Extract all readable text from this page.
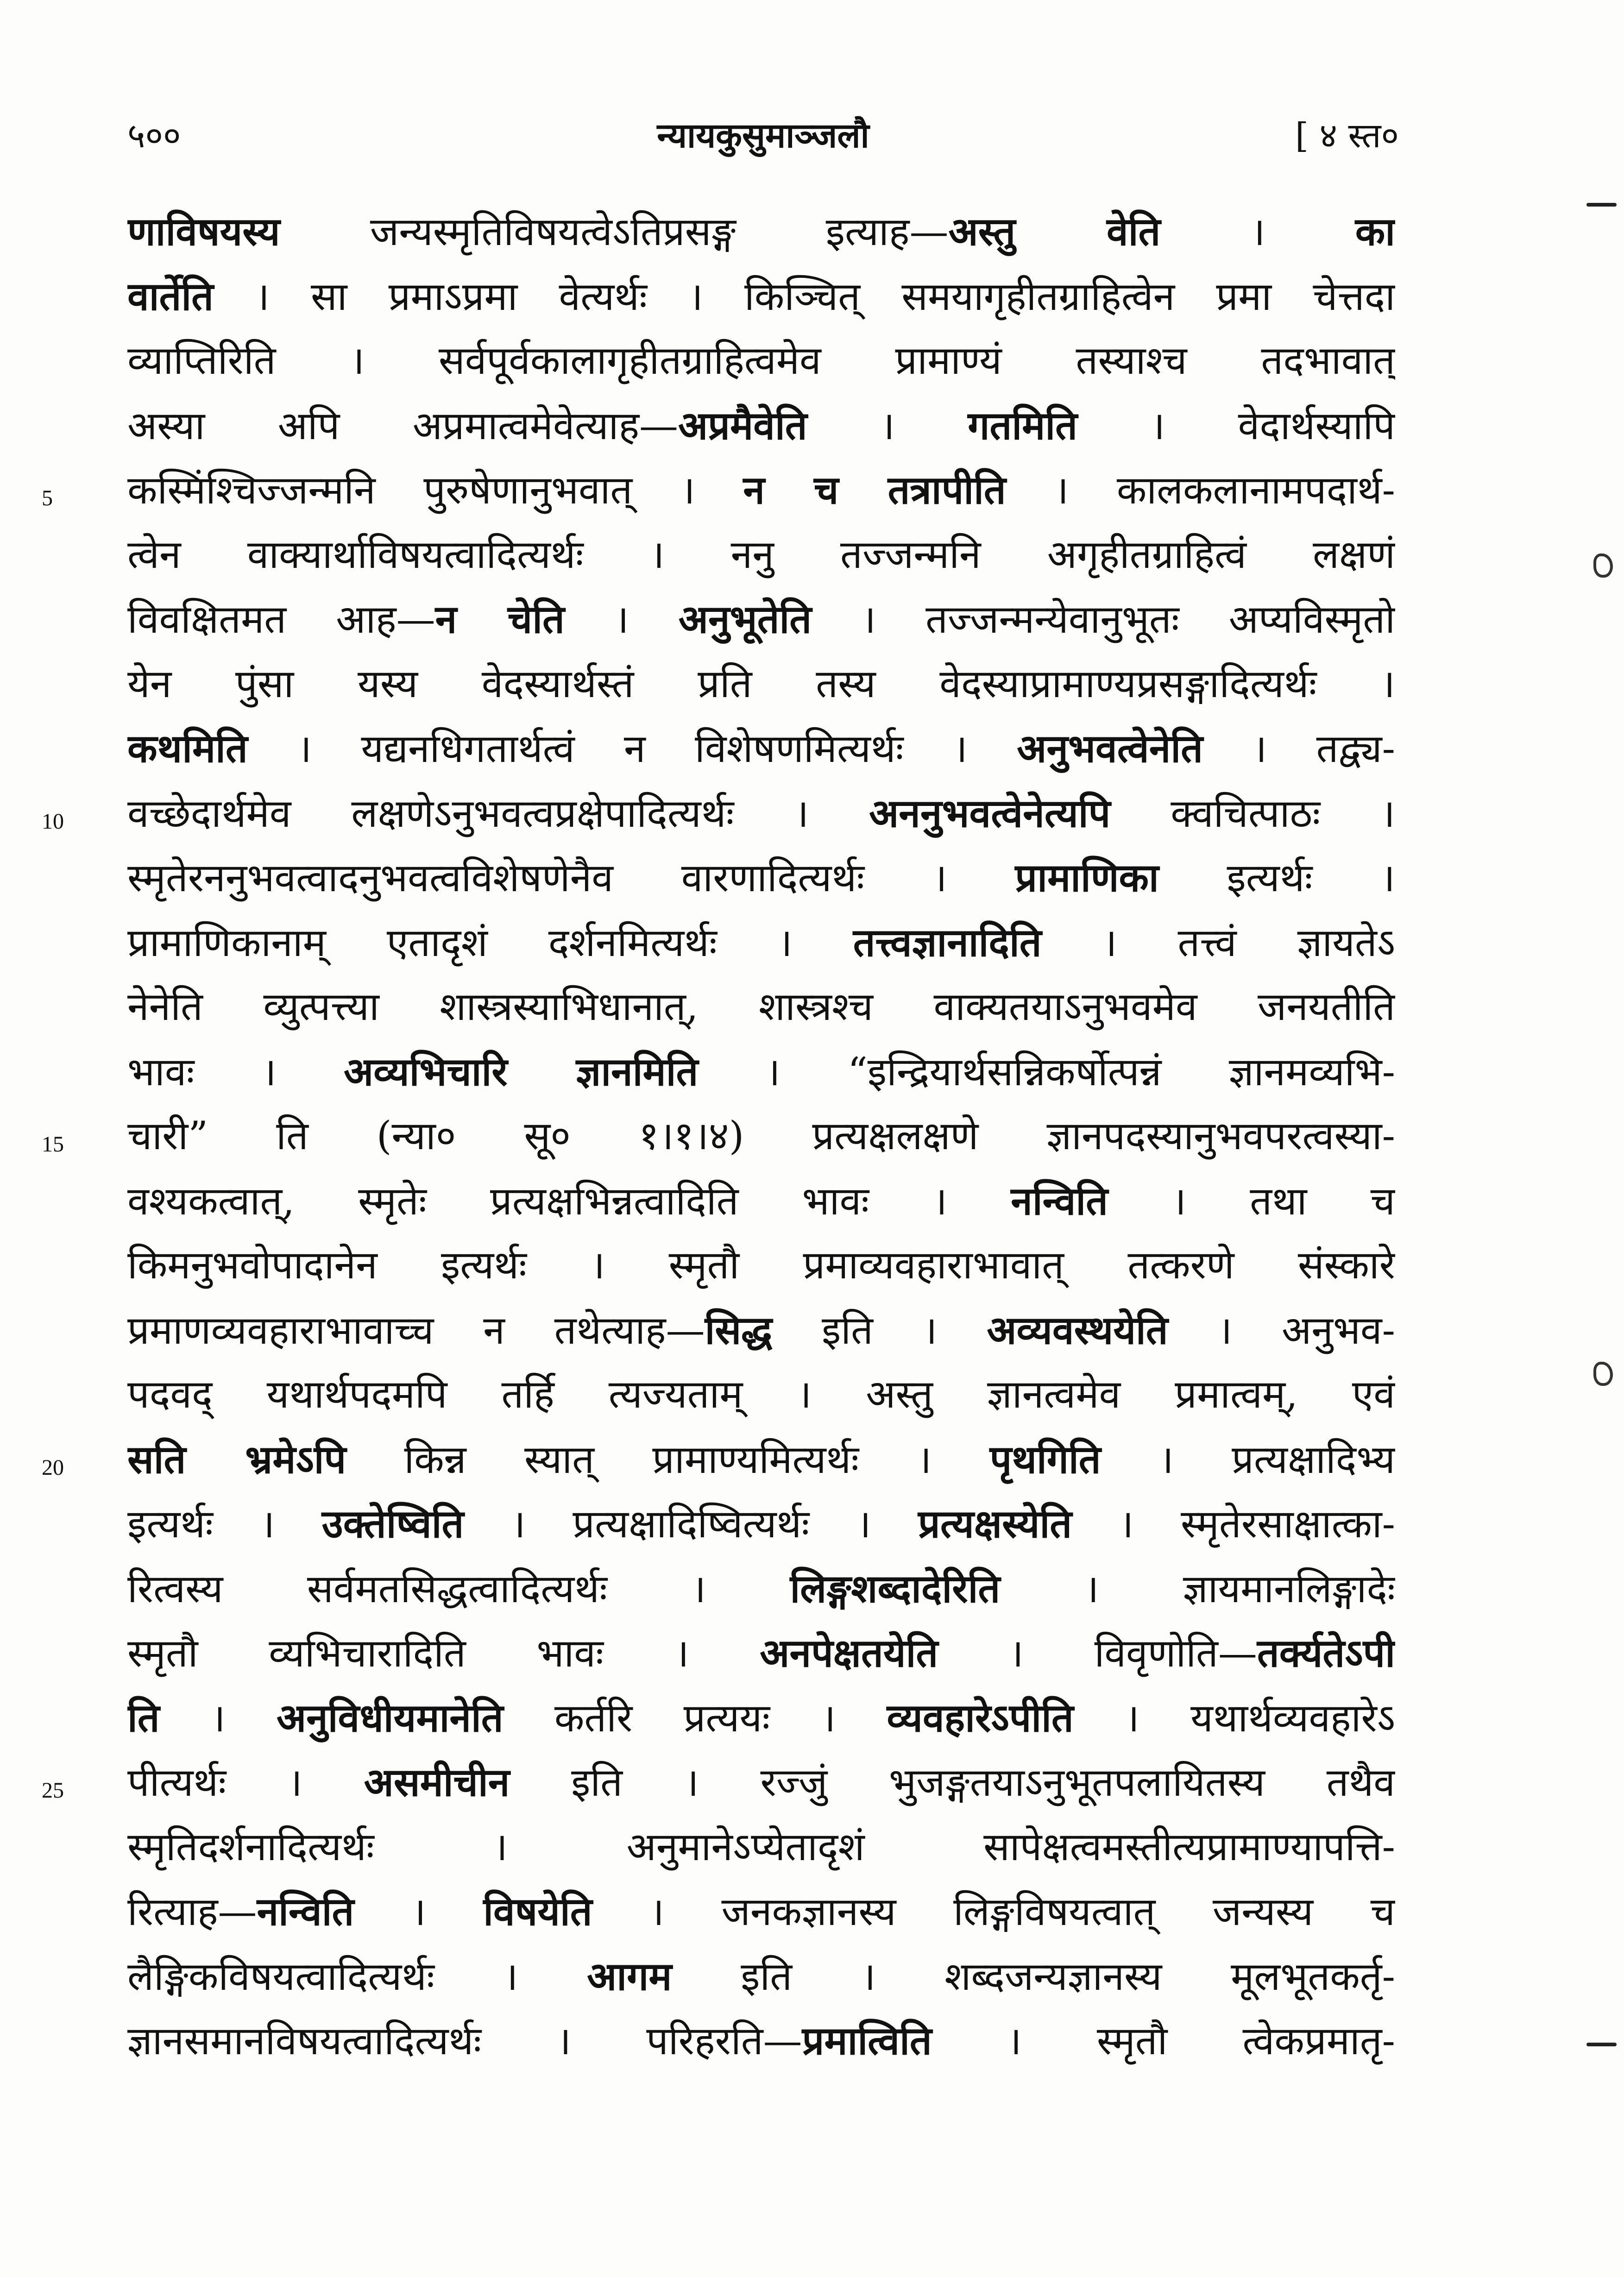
५००	न्यायकुसुमाञ्जलौ	[ ४ स्त०
णाविषयस्य जन्यस्मृतिविषयत्वेऽतिप्रसङ्ग इत्याह—अस्तु वेति । का
वार्तेति । सा प्रमाऽप्रमा वेत्यर्थः । किञ्चित् समयागृहीतग्राहित्वेन प्रमा चेत्तदा
व्याप्तिरिति । सर्वपूर्वकालागृहीतग्राहित्वमेव प्रामाण्यं तस्याश्च तदभावात्
अस्या अपि अप्रमात्वमेवेत्याह—अप्रमैवेति । गतमिति । वेदार्थस्यापि
5	कस्मिंश्चिज्जन्मनि पुरुषेणानुभवात् । न च तत्रापीति । कालकलानामपदार्थ-
त्वेन वाक्यार्थाविषयत्वादित्यर्थः । ननु तज्जन्मनि अगृहीतग्राहित्वं लक्षणं
विवक्षितमत आह—न चेति । अनुभूतेति । तज्जन्मन्येवानुभूतः अप्यविस्मृतो
येन पुंसा यस्य वेदस्यार्थस्तं प्रति तस्य वेदस्याप्रामाण्यप्रसङ्गादित्यर्थः ।
कथमिति । यद्यनधिगतार्थत्वं न विशेषणमित्यर्थः । अनुभवत्वेनेति । तद्व्य-
10	वच्छेदार्थमेव लक्षणेऽनुभवत्वप्रक्षेपादित्यर्थः । अननुभवत्वेनेत्यपि क्वचित्पाठः ।
स्मृतेरननुभवत्वादनुभवत्वविशेषणेनैव वारणादित्यर्थः । प्रामाणिका इत्यर्थः ।
प्रामाणिकानाम् एतादृशं दर्शनमित्यर्थः । तत्त्वज्ञानादिति । तत्त्वं ज्ञायतेऽ
नेनेति व्युत्पत्त्या शास्त्रस्याभिधानात्, शास्त्रश्च वाक्यतयाऽनुभवमेव जनयतीति
भावः । अव्यभिचारि ज्ञानमिति । “इन्द्रियार्थसन्निकर्षोत्पन्नं ज्ञानमव्यभि-
15	चारी” ति (न्या० सू० १।१।४) प्रत्यक्षलक्षणे ज्ञानपदस्यानुभवपरत्वस्या-
वश्यकत्वात्, स्मृतेः प्रत्यक्षभिन्नत्वादिति भावः । नन्विति । तथा च
किमनुभवोपादानेन इत्यर्थः । स्मृतौ प्रमाव्यवहाराभावात् तत्करणे संस्कारे
प्रमाणव्यवहाराभावाच्च न तथेत्याह—सिद्ध इति । अव्यवस्थयेति । अनुभव-
पदवद् यथार्थपदमपि तर्हि त्यज्यताम् । अस्तु ज्ञानत्वमेव प्रमात्वम्, एवं
20	सति भ्रमेऽपि किन्न स्यात् प्रामाण्यमित्यर्थः । पृथगिति । प्रत्यक्षादिभ्य
इत्यर्थः । उक्तेष्विति । प्रत्यक्षादिष्वित्यर्थः । प्रत्यक्षस्येति । स्मृतेरसाक्षात्का-
रित्वस्य सर्वमतसिद्धत्वादित्यर्थः । लिङ्गशब्दादेरिति । ज्ञायमानलिङ्गादेः
स्मृतौ व्यभिचारादिति भावः । अनपेक्षतयेति । विवृणोति—तर्क्यतेऽपी
ति । अनुविधीयमानेति कर्तरि प्रत्ययः । व्यवहारेऽपीति । यथार्थव्यवहारेऽ
25	पीत्यर्थः । असमीचीन इति । रज्जुं भुजङ्गतयाऽनुभूतपलायितस्य तथैव
स्मृतिदर्शनादित्यर्थः । अनुमानेऽप्येतादृशं सापेक्षत्वमस्तीत्यप्रामाण्यापत्ति-
रित्याह—नन्विति । विषयेति । जनकज्ञानस्य लिङ्गविषयत्वात् जन्यस्य च
लैङ्गिकविषयत्वादित्यर्थः । आगम इति । शब्दजन्यज्ञानस्य मूलभूतकर्तृ-
ज्ञानसमानविषयत्वादित्यर्थः । परिहरति—प्रमात्विति । स्मृतौ त्वेकप्रमातृ-
